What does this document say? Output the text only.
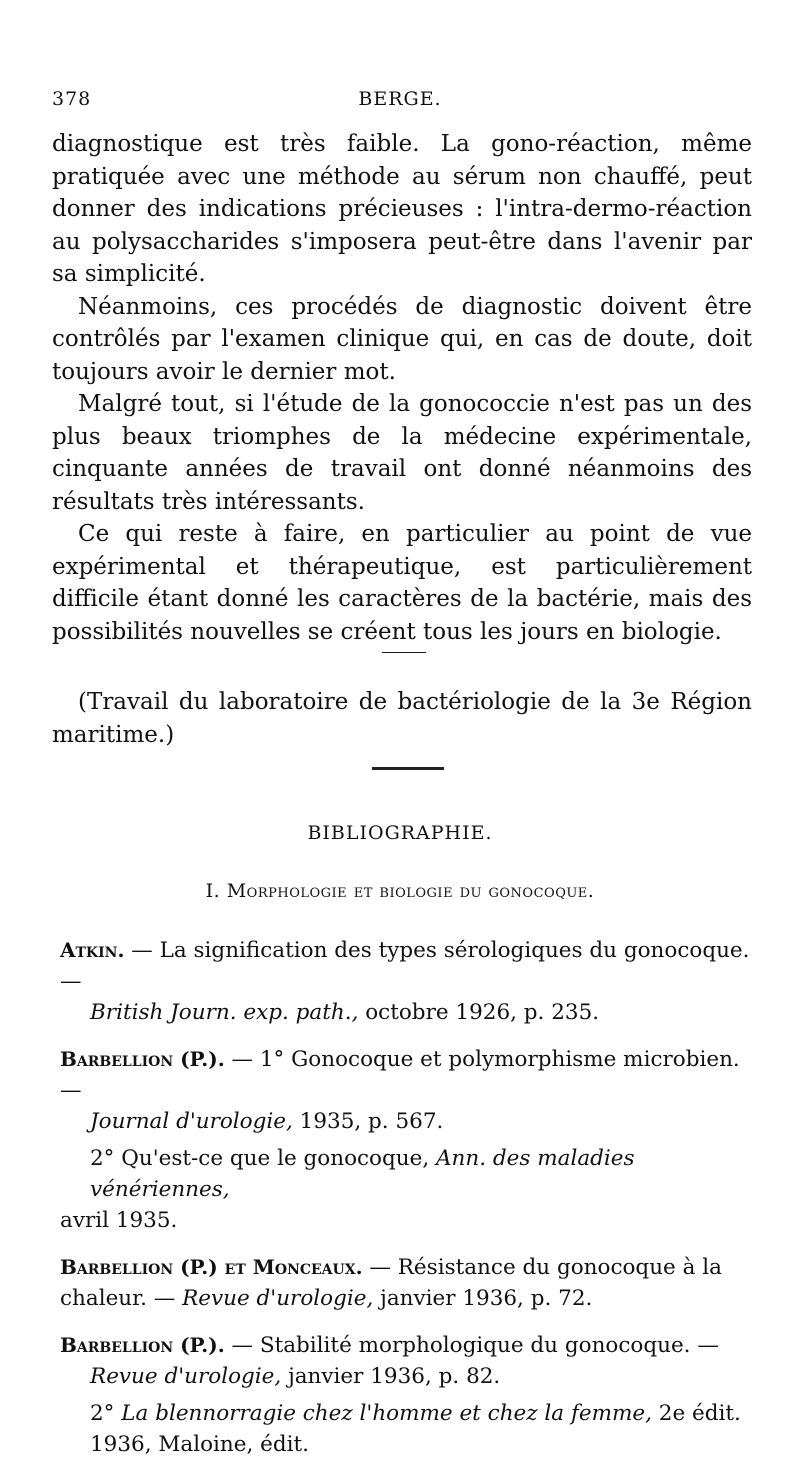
378	BERGE.

diagnostique est très faible. La gono-réaction, même pratiquée avec une méthode au sérum non chauffé, peut donner des indications précieuses : l'intra-dermo-réaction au polysaccharides s'imposera peut-être dans l'avenir par sa simplicité.

Néanmoins, ces procédés de diagnostic doivent être contrôlés par l'examen clinique qui, en cas de doute, doit toujours avoir le dernier mot.

Malgré tout, si l'étude de la gonococcie n'est pas un des plus beaux triomphes de la médecine expérimentale, cinquante années de travail ont donné néanmoins des résultats très intéressants.

Ce qui reste à faire, en particulier au point de vue expérimental et thérapeutique, est particulièrement difficile étant donné les caractères de la bactérie, mais des possibilités nouvelles se créent tous les jours en biologie.

(Travail du laboratoire de bactériologie de la 3e Région maritime.)

BIBLIOGRAPHIE.
I. Morphologie et biologie du gonocoque.
Atkin. — La signification des types sérologiques du gonocoque. —
British Journ. exp. path., octobre 1926, p. 235.
Barbellion (P.). — 1° Gonocoque et polymorphisme microbien. —
Journal d'urologie, 1935, p. 567.
2° Qu'est-ce que le gonocoque, Ann. des maladies vénériennes,
avril 1935.
Barbellion (P.) et Monceaux. — Résistance du gonocoque à la chaleur. — Revue d'urologie, janvier 1936, p. 72.
Barbellion (P.). — Stabilité morphologique du gonocoque. —
Revue d'urologie, janvier 1936, p. 82.
2° La blennorragie chez l'homme et chez la femme, 2e édit. 1936, Maloine, édit.
